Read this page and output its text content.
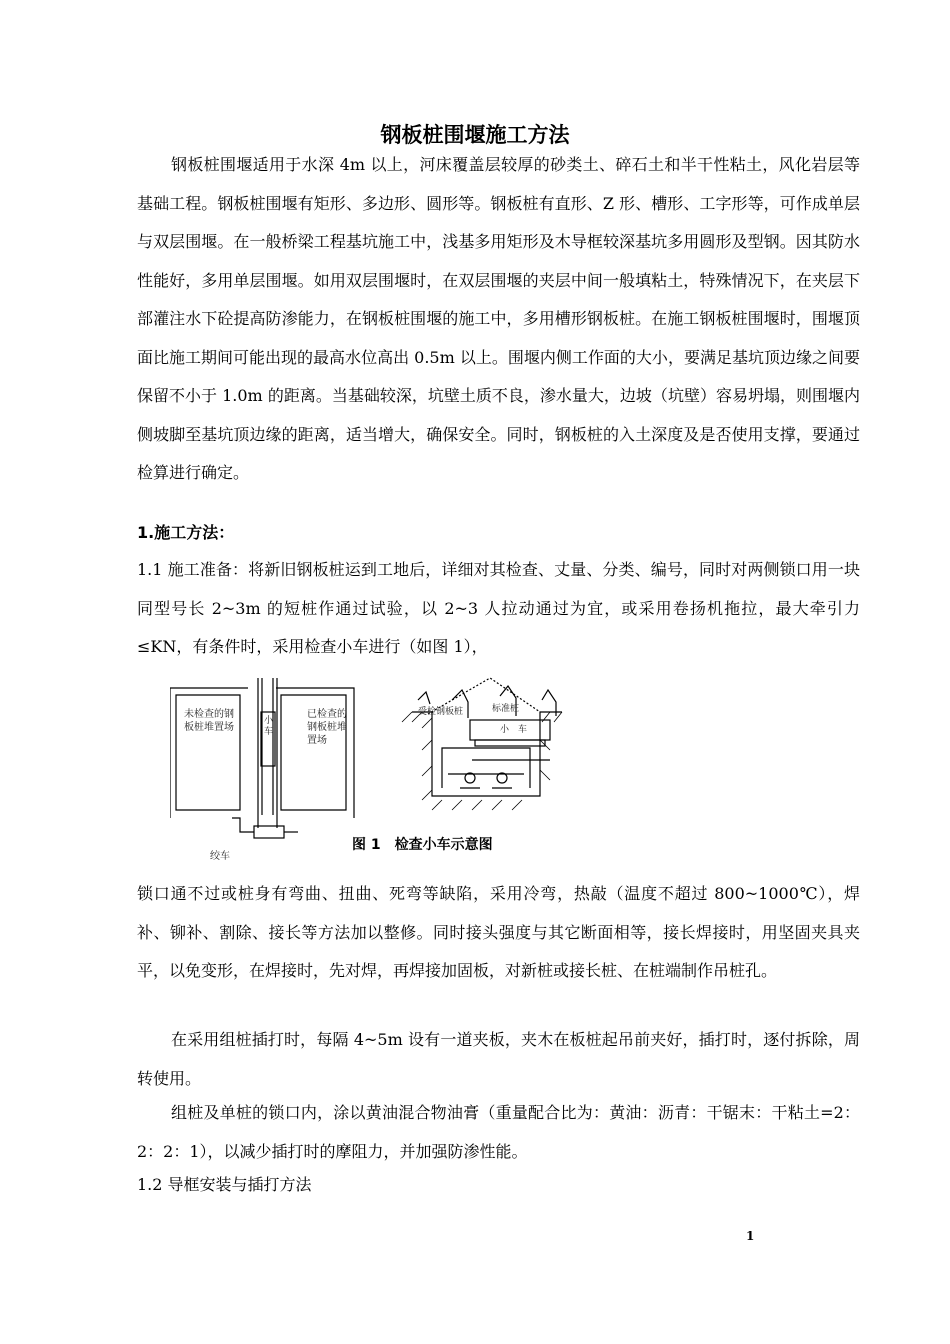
钢板桩围堰施工方法

钢板桩围堰适用于水深 4m 以上，河床覆盖层较厚的砂类土、碎石土和半干性粘土，风化岩层等基础工程。钢板桩围堰有矩形、多边形、圆形等。钢板桩有直形、Z 形、槽形、工字形等，可作成单层与双层围堰。在一般桥梁工程基坑施工中，浅基多用矩形及木导框较深基坑多用圆形及型钢。因其防水性能好，多用单层围堰。如用双层围堰时，在双层围堰的夹层中间一般填粘土，特殊情况下，在夹层下部灌注水下砼提高防渗能力，在钢板桩围堰的施工中，多用槽形钢板桩。在施工钢板桩围堰时，围堰顶面比施工期间可能出现的最高水位高出 0.5m 以上。围堰内侧工作面的大小，要满足基坑顶边缘之间要保留不小于 1.0m 的距离。当基础较深，坑壁土质不良，渗水量大，边坡（坑壁）容易坍塌，则围堰内侧坡脚至基坑顶边缘的距离，适当增大，确保安全。同时，钢板桩的入土深度及是否使用支撑，要通过检算进行确定。

1.施工方法：

1.1 施工准备：将新旧钢板桩运到工地后，详细对其检查、丈量、分类、编号，同时对两侧锁口用一块同型号长 2~3m 的短桩作通过试验，以 2~3 人拉动通过为宜，或采用卷扬机拖拉，最大牵引力≤KN，有条件时，采用检查小车进行（如图 1），

未检查的钢板桩堆置场
已检查的钢板桩堆置场
小车
绞车
受检钢板桩	标准桩
小　车
图 1　检查小车示意图

锁口通不过或桩身有弯曲、扭曲、死弯等缺陷，采用冷弯，热敲（温度不超过 800~1000℃），焊补、铆补、割除、接长等方法加以整修。同时接头强度与其它断面相等，接长焊接时，用坚固夹具夹平，以免变形，在焊接时，先对焊，再焊接加固板，对新桩或接长桩、在桩端制作吊桩孔。

在采用组桩插打时，每隔 4~5m 设有一道夹板，夹木在板桩起吊前夹好，插打时，逐付拆除，周转使用。

组桩及单桩的锁口内，涂以黄油混合物油膏（重量配合比为：黄油：沥青：干锯末：干粘土=2：2：2：1），以减少插打时的摩阻力，并加强防渗性能。

1.2 导框安装与插打方法

1
